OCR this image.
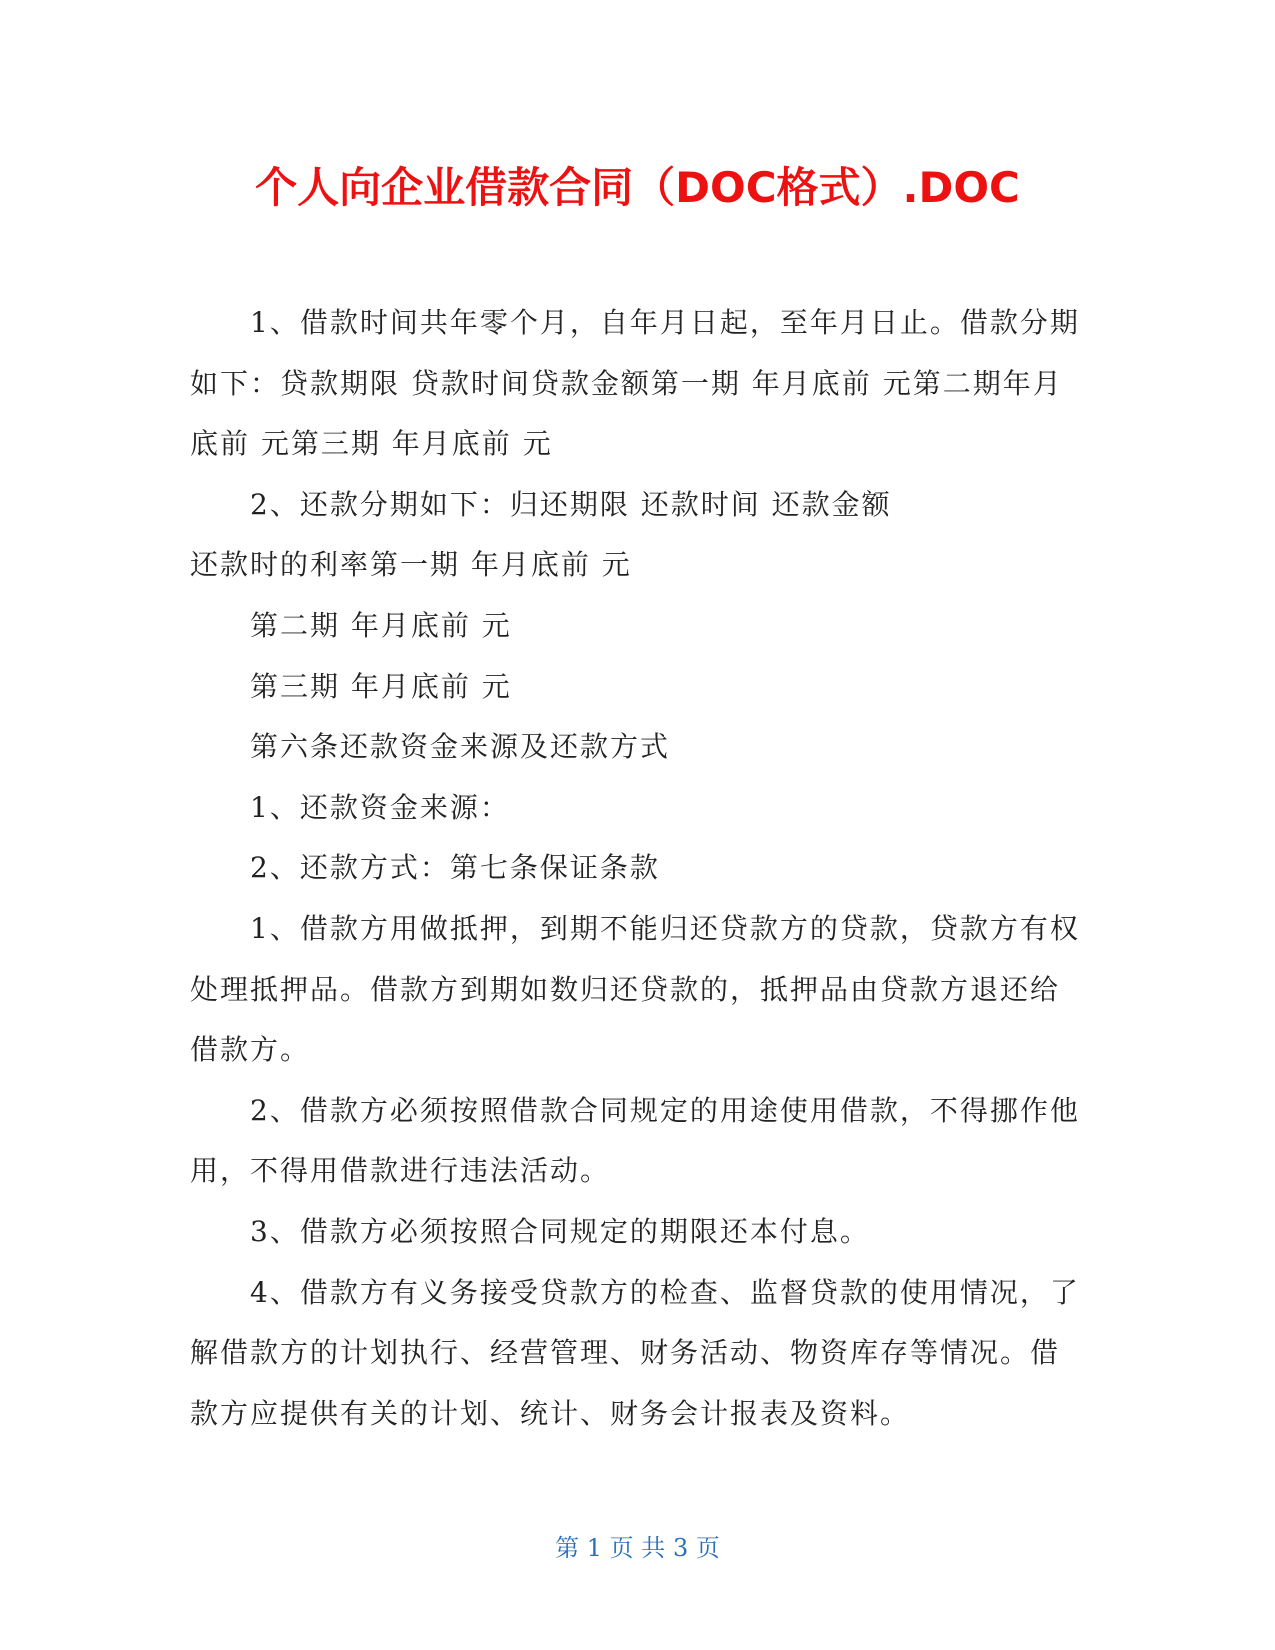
个人向企业借款合同（DOC格式）.DOC

1、借款时间共年零个月，自年月日起，至年月日止。借款分期如下：贷款期限 贷款时间贷款金额第一期 年月底前 元第二期年月底前 元第三期 年月底前 元

2、还款分期如下：归还期限 还款时间 还款金额

还款时的利率第一期 年月底前 元

第二期 年月底前 元

第三期 年月底前 元

第六条还款资金来源及还款方式

1、还款资金来源：

2、还款方式：第七条保证条款

1、借款方用做抵押，到期不能归还贷款方的贷款，贷款方有权处理抵押品。借款方到期如数归还贷款的，抵押品由贷款方退还给借款方。

2、借款方必须按照借款合同规定的用途使用借款，不得挪作他用，不得用借款进行违法活动。

3、借款方必须按照合同规定的期限还本付息。

4、借款方有义务接受贷款方的检查、监督贷款的使用情况，了解借款方的计划执行、经营管理、财务活动、物资库存等情况。借款方应提供有关的计划、统计、财务会计报表及资料。

第 1 页 共 3 页
